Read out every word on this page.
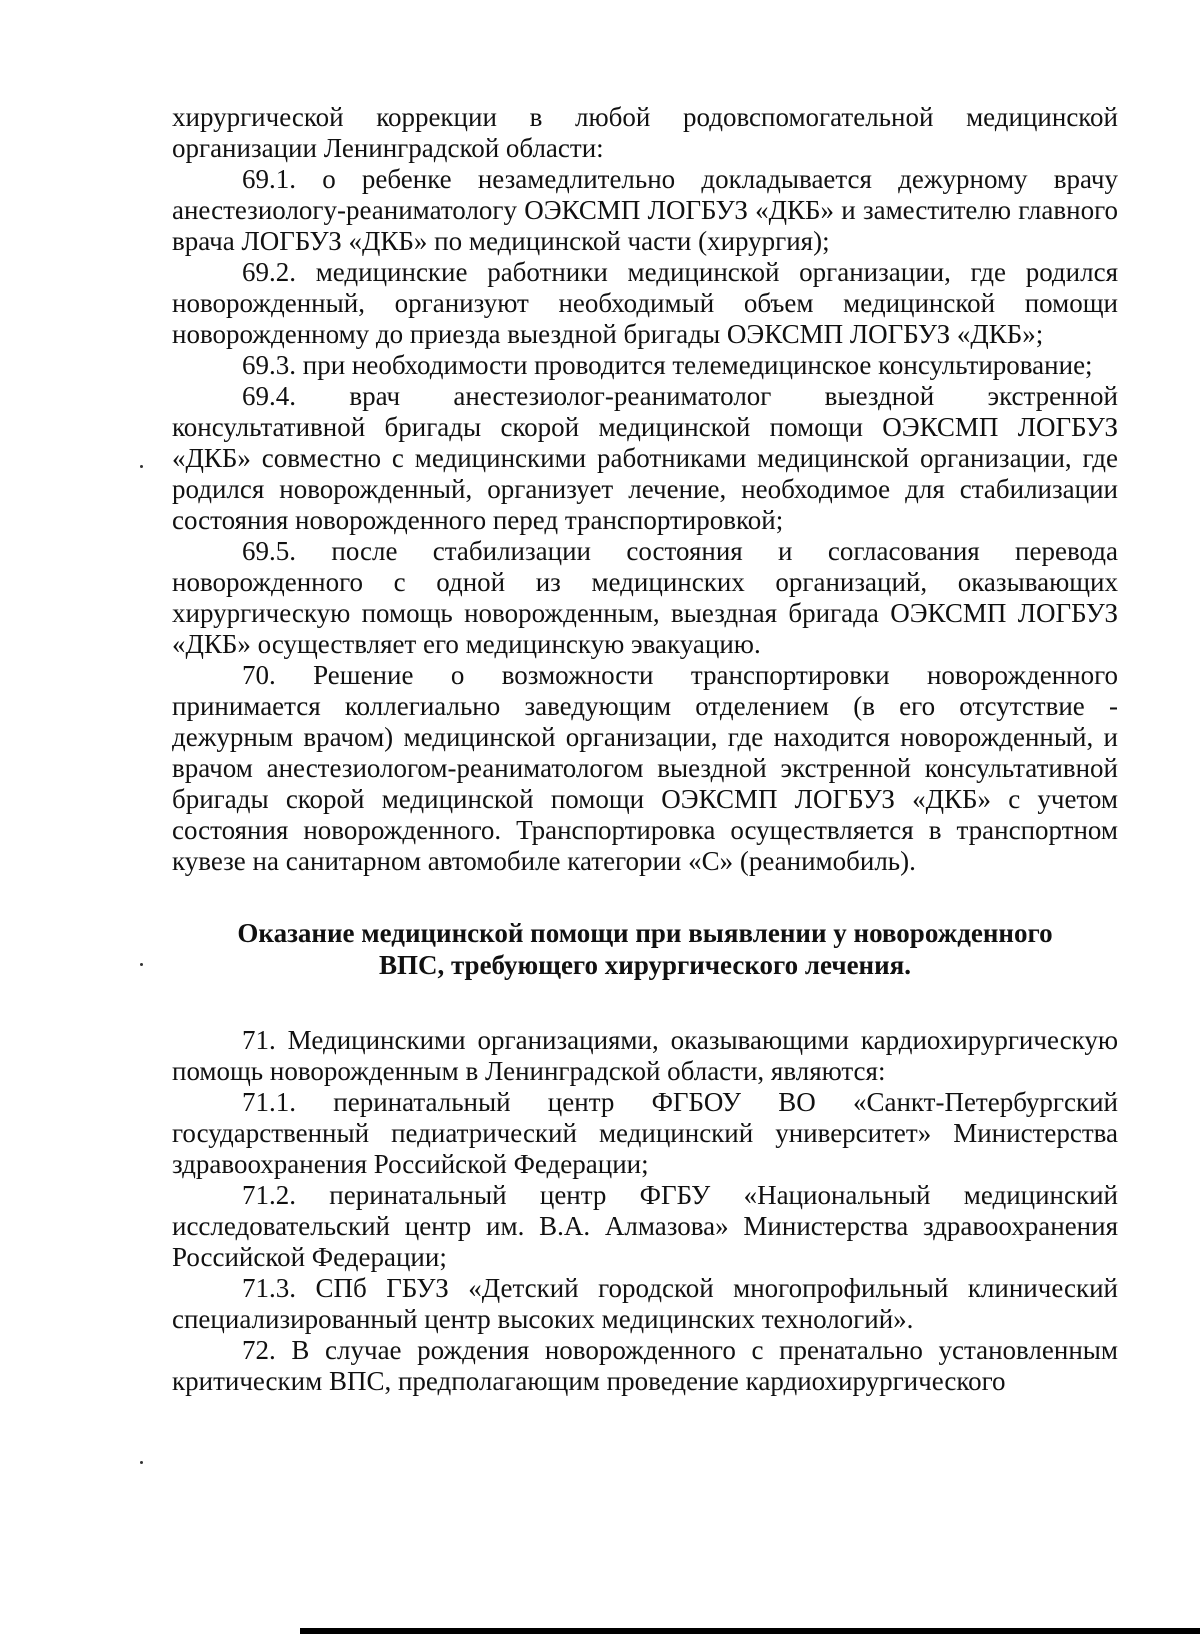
хирургической коррекции в любой родовспомогательной медицинской организации Ленинградской области:

69.1. о ребенке незамедлительно докладывается дежурному врачу анестезиологу-реаниматологу ОЭКСМП ЛОГБУЗ «ДКБ» и заместителю главного врача ЛОГБУЗ «ДКБ» по медицинской части (хирургия);

69.2. медицинские работники медицинской организации, где родился новорожденный, организуют необходимый объем медицинской помощи новорожденному до приезда выездной бригады ОЭКСМП ЛОГБУЗ «ДКБ»;

69.3. при необходимости проводится телемедицинское консультирование;

69.4. врач анестезиолог-реаниматолог выездной экстренной консультативной бригады скорой медицинской помощи ОЭКСМП ЛОГБУЗ «ДКБ» совместно с медицинскими работниками медицинской организации, где родился новорожденный, организует лечение, необходимое для стабилизации состояния новорожденного перед транспортировкой;

69.5. после стабилизации состояния и согласования перевода новорожденного с одной из медицинских организаций, оказывающих хирургическую помощь новорожденным, выездная бригада ОЭКСМП ЛОГБУЗ «ДКБ» осуществляет его медицинскую эвакуацию.

70. Решение о возможности транспортировки новорожденного принимается коллегиально заведующим отделением (в его отсутствие - дежурным врачом) медицинской организации, где находится новорожденный, и врачом анестезиологом-реаниматологом выездной экстренной консультативной бригады скорой медицинской помощи ОЭКСМП ЛОГБУЗ «ДКБ» с учетом состояния новорожденного. Транспортировка осуществляется в транспортном кувезе на санитарном автомобиле категории «С» (реанимобиль).

Оказание медицинской помощи при выявлении у новорожденного
ВПС, требующего хирургического лечения.

71. Медицинскими организациями, оказывающими кардиохирургическую помощь новорожденным в Ленинградской области, являются:

71.1. перинатальный центр ФГБОУ ВО «Санкт-Петербургский государственный педиатрический медицинский университет» Министерства здравоохранения Российской Федерации;

71.2. перинатальный центр ФГБУ «Национальный медицинский исследовательский центр им. В.А. Алмазова» Министерства здравоохранения Российской Федерации;

71.3. СПб ГБУЗ «Детский городской многопрофильный клинический специализированный центр высоких медицинских технологий».

72. В случае рождения новорожденного с пренатально установленным критическим ВПС, предполагающим проведение кардиохирургического
